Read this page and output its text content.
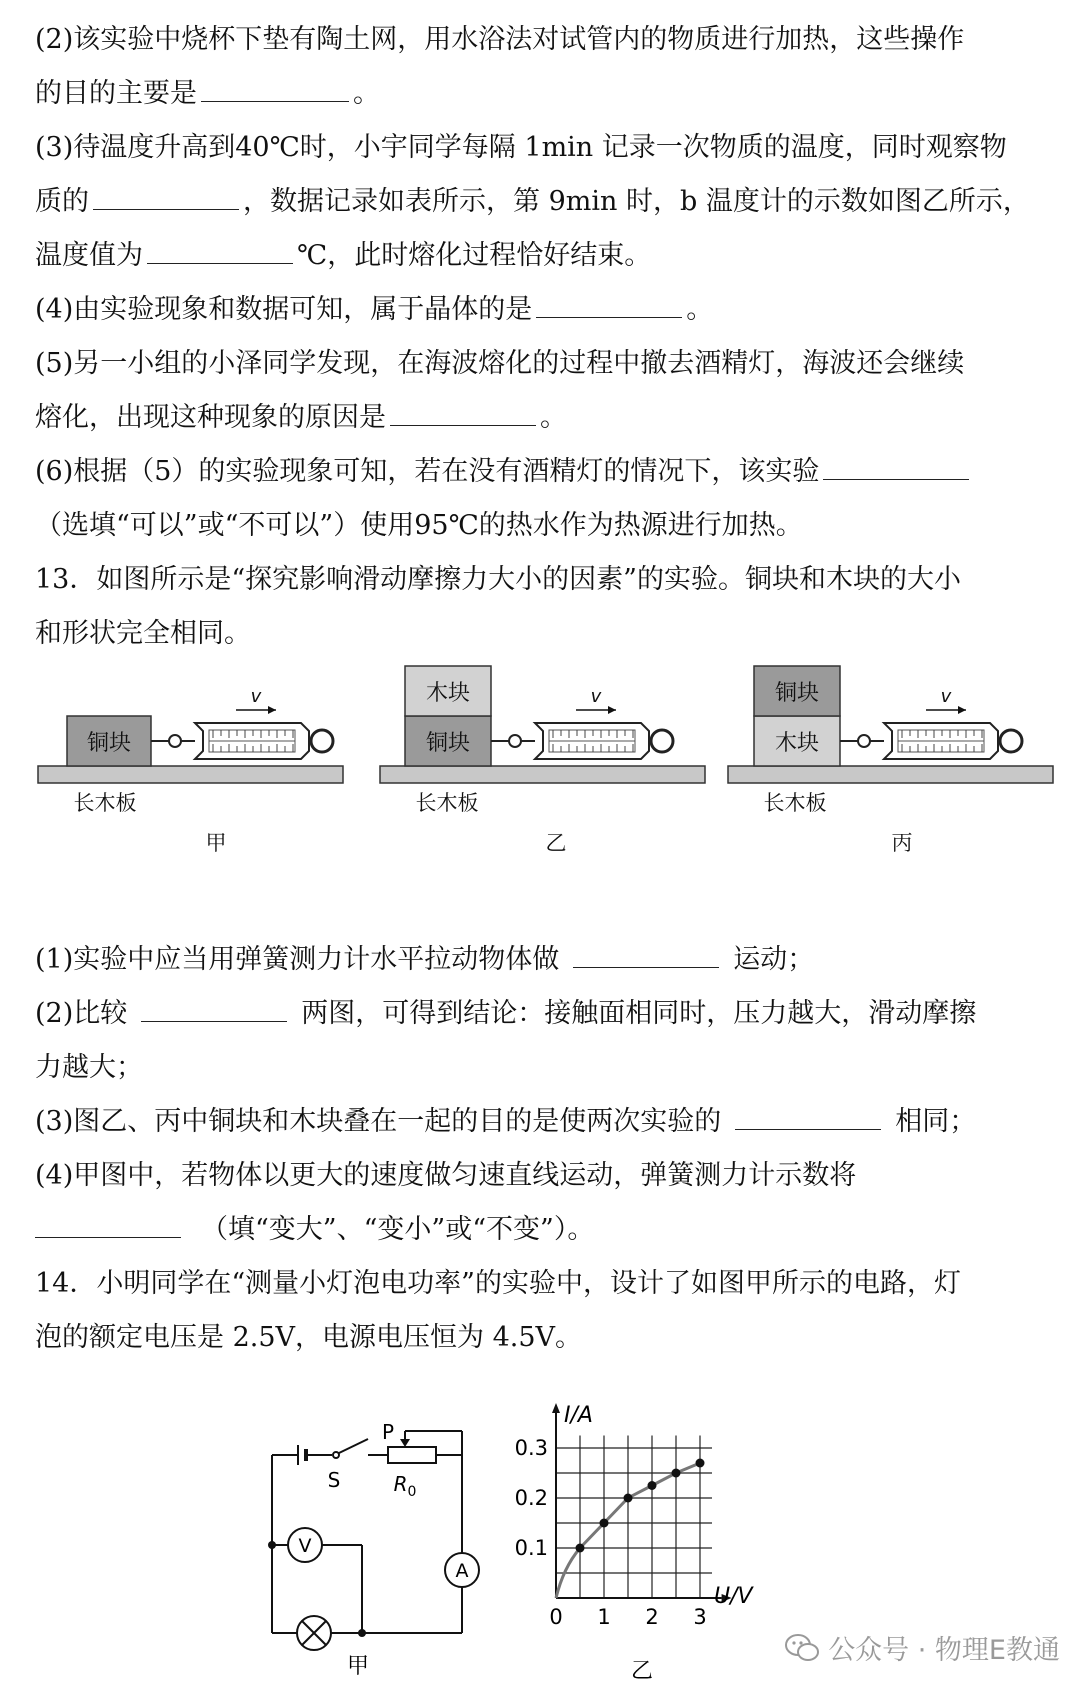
(2)该实验中烧杯下垫有陶土网，用水浴法对试管内的物质进行加热，这些操作
的目的主要是	。
(3)待温度升高到40℃时，小宇同学每隔 1min 记录一次物质的温度，同时观察物
质的	，数据记录如表所示，第 9min 时，b 温度计的示数如图乙所示，
温度值为	℃，此时熔化过程恰好结束。
(4)由实验现象和数据可知，属于晶体的是	。
(5)另一小组的小泽同学发现，在海波熔化的过程中撤去酒精灯，海波还会继续
熔化，出现这种现象的原因是	。
(6)根据（5）的实验现象可知，若在没有酒精灯的情况下，该实验
（选填“可以”或“不可以”）使用95℃的热水作为热源进行加热。
13．如图所示是“探究影响滑动摩擦力大小的因素”的实验。铜块和木块的大小
和形状完全相同。
铜块
v
长木板
甲
铜块
木块	v
长木板
乙
木块
铜块	v
长木板
丙
(1)实验中应当用弹簧测力计水平拉动物体做	运动；
(2)比较	两图，可得到结论：接触面相同时，压力越大，滑动摩擦
力越大；
(3)图乙、丙中铜块和木块叠在一起的目的是使两次实验的	相同；
(4)甲图中，若物体以更大的速度做匀速直线运动，弹簧测力计示数将
（填“变大”、“变小”或“不变”）。
14．小明同学在“测量小灯泡电功率”的实验中，设计了如图甲所示的电路，灯
泡的额定电压是 2.5V，电源电压恒为 4.5V。
S
P
$R_0$
V
A
甲
0 1 2 3
0.1
0.2
0.3
I/A
U/V
乙
公众号 · 物理E教通
